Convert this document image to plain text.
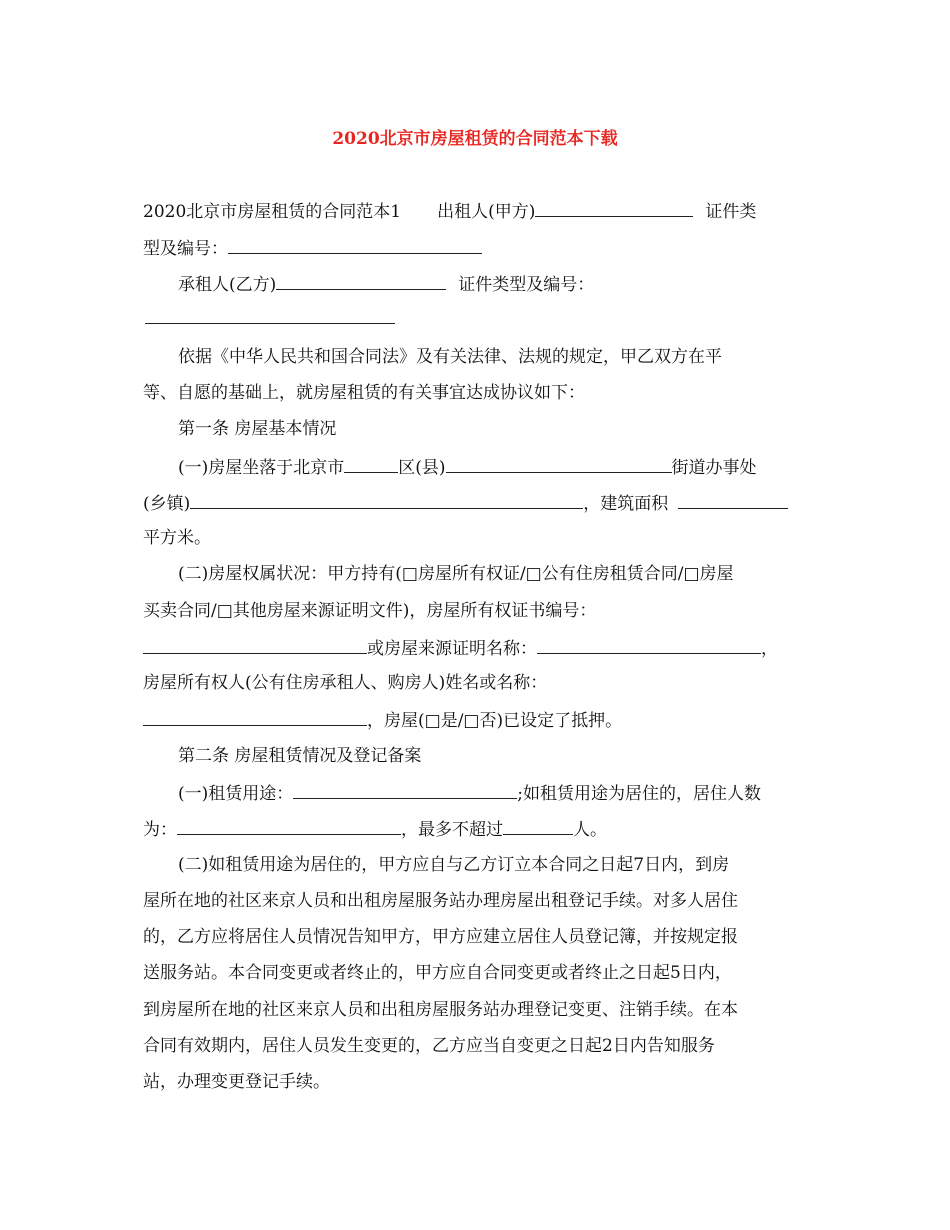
2020北京市房屋租赁的合同范本下载
2020北京市房屋租赁的合同范本1 出租人(甲方)	证件类
型及编号：
承租人(乙方)	证件类型及编号：
依据《中华人民共和国合同法》及有关法律、法规的规定，甲乙双方在平
等、自愿的基础上，就房屋租赁的有关事宜达成协议如下：
第一条 房屋基本情况
(一)房屋坐落于北京市	区(县)	街道办事处
(乡镇)	，建筑面积
平方米。
(二)房屋权属状况：甲方持有(□房屋所有权证/□公有住房租赁合同/□房屋
买卖合同/□其他房屋来源证明文件)，房屋所有权证书编号：
或房屋来源证明名称：	，
房屋所有权人(公有住房承租人、购房人)姓名或名称：
，房屋(□是/□否)已设定了抵押。
第二条 房屋租赁情况及登记备案
(一)租赁用途：	;如租赁用途为居住的，居住人数
为：	，最多不超过	人。
(二)如租赁用途为居住的，甲方应自与乙方订立本合同之日起7日内，到房
屋所在地的社区来京人员和出租房屋服务站办理房屋出租登记手续。对多人居住
的，乙方应将居住人员情况告知甲方，甲方应建立居住人员登记簿，并按规定报
送服务站。本合同变更或者终止的，甲方应自合同变更或者终止之日起5日内，
到房屋所在地的社区来京人员和出租房屋服务站办理登记变更、注销手续。在本
合同有效期内，居住人员发生变更的，乙方应当自变更之日起2日内告知服务
站，办理变更登记手续。
